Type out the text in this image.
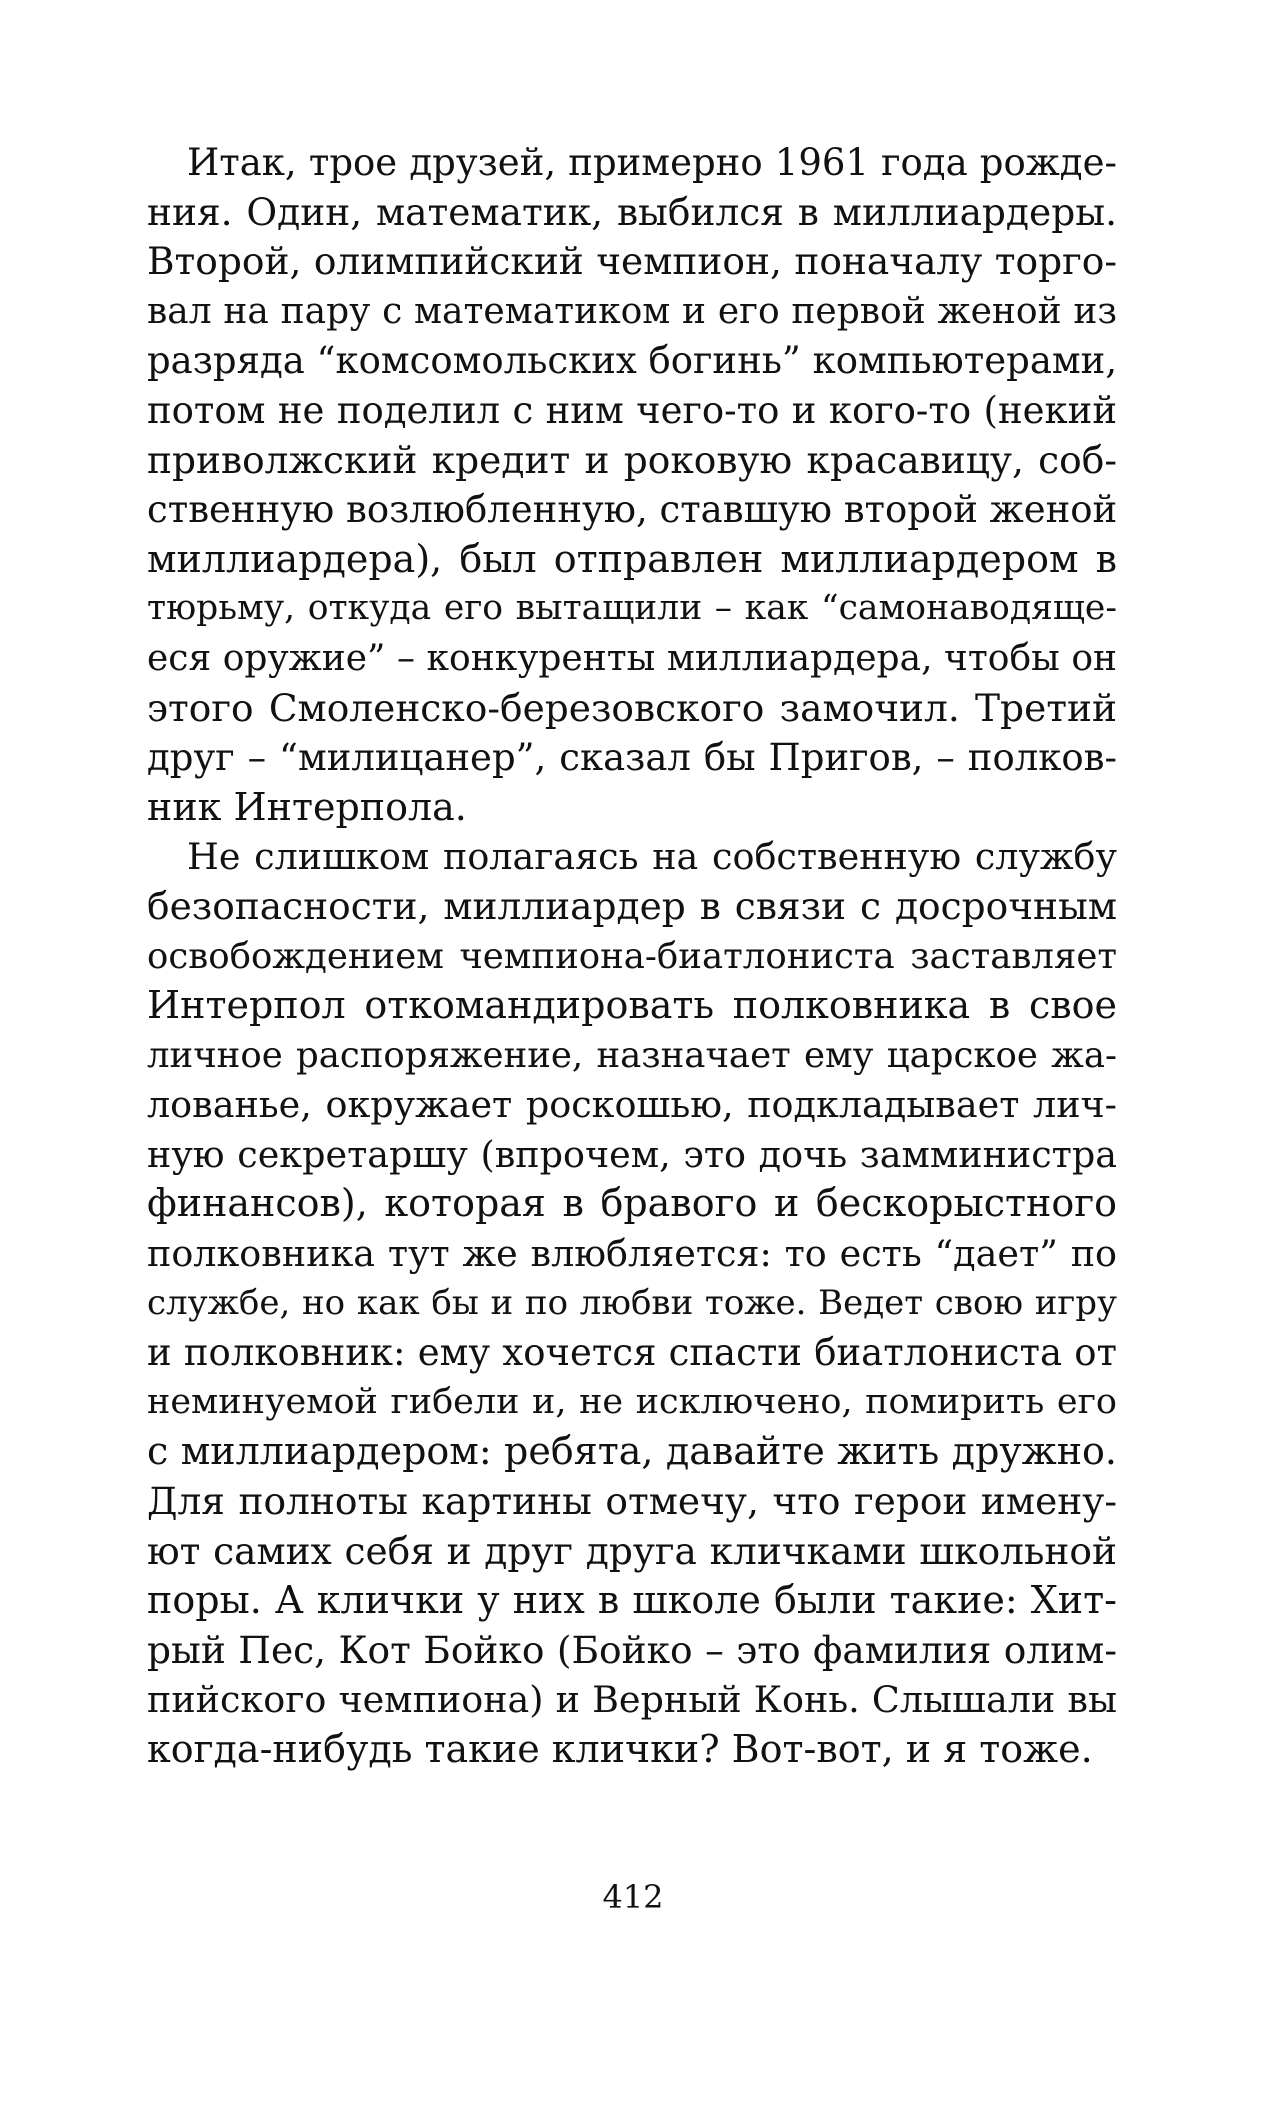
Итак, трое друзей, примерно 1961 года рожде-
ния. Один, математик, выбился в миллиардеры.
Второй, олимпийский чемпион, поначалу торго-
вал на пару с математиком и его первой женой из
разряда “комсомольских богинь” компьютерами,
потом не поделил с ним чего-то и кого-то (некий
приволжский кредит и роковую красавицу, соб-
ственную возлюбленную, ставшую второй женой
миллиардера), был отправлен миллиардером в
тюрьму, откуда его вытащили – как “самонаводяще-
еся оружие” – конкуренты миллиардера, чтобы он
этого Смоленско-березовского замочил. Третий
друг – “милицанер”, сказал бы Пригов, – полков-
ник Интерпола.
Не слишком полагаясь на собственную службу
безопасности, миллиардер в связи с досрочным
освобождением чемпиона-биатлониста заставляет
Интерпол откомандировать полковника в свое
личное распоряжение, назначает ему царское жа-
лованье, окружает роскошью, подкладывает лич-
ную секретаршу (впрочем, это дочь замминистра
финансов), которая в бравого и бескорыстного
полковника тут же влюбляется: то есть “дает” по
службе, но как бы и по любви тоже. Ведет свою игру
и полковник: ему хочется спасти биатлониста от
неминуемой гибели и, не исключено, помирить его
с миллиардером: ребята, давайте жить дружно.
Для полноты картины отмечу, что герои имену-
ют самих себя и друг друга кличками школьной
поры. А клички у них в школе были такие: Хит-
рый Пес, Кот Бойко (Бойко – это фамилия олим-
пийского чемпиона) и Верный Конь. Слышали вы
когда-нибудь такие клички? Вот-вот, и я тоже.
412
